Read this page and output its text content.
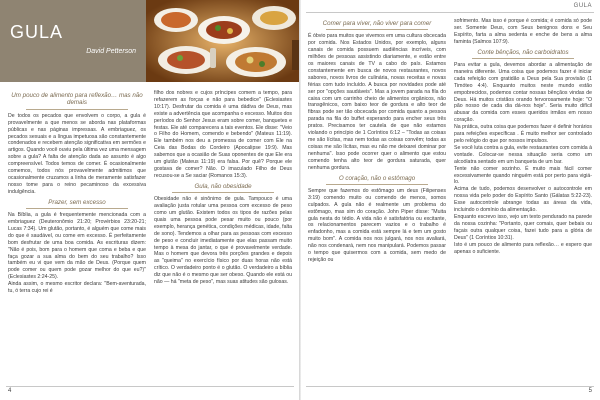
GULA
David Petterson
Um pouco de alimento para reflexão… mas não demais

De todos os pecados que envolvem o corpo, a gula é provavelmente a que menos se aborda nas plataformas públicas e nas páginas impressas. A embriaguez, os pecados sexuais e a língua impetuosa são constantemente condenados e recebem atenção significativa em sermões e artigos. Quando você ouviu pela última vez uma mensagem sobre a gula? A falta de atenção dada ao assunto é algo compreensível. Todos temos de comer. É ocasionalmente comemos, todos nós provavelmente admitimos que ocasionalmente cruzamos a linha de meramente satisfazer nosso tome para o reino pecaminoso da excessiva indulgência.

Prazer, sem excesso

Na Bíblia, a gula é frequentemente mencionada com a embriaguez (Deuteronômio 21:20; Provérbios 23:20-21; Lucas 7:34). Um glutão, portanto, é alguém que come mais do que é saudável, ou come em excesso. É perfeitamente bom desfrutar de uma boa comida. As escrituras dizem: "Não é pois, bom para o homem que coma e beba e que faça gozar a sua alma do bem do seu trabalho? Isso também eu vi que vem da mão de Deus. (Porque quem pode comer ou quem pode gozar melhor do que eu?)" (Eclesiastes 2:24-25).

Ainda assim, o mesmo escritor declara: "Bem-aventurada, tu, ó terra cujo rei é

filho dos nobres e cujos príncipes comem a tempo, para refazerem as forças e não para bebedice" (Eclesiastes 10:17). Desfrutar da comida é uma dádiva de Deus, mas existe a advertência que acompanha o excesso. Muitos dos períodos do Senhor Jesus eram sobre comer, banquetes e festas. Ele até comparecera a tais eventos. Ele disse: "Veio o Filho do Homem, comendo e bebendo" (Mateus 11:19). Ele também nos deu a promessa de comer com Ele na Ceia das Bodas do Cordeiro (Apocalipse 19:9). Mas sabemos que a ocasião de Suas oponentes de que Ele era um glutão (Mateus 11:19) era falsa. Por quê? Porque ele gostava de comer? Não. O imaculado Filho de Deus recusou-se a Se saciar (Romanos 15:3).

Gula, não obesidade

Obesidade não é sinônimo de gula. Tampouco é uma avaliação justa rotular uma pessoa com excesso de peso como um glutão. Existem todos os tipos de razões pelas quais uma pessoa pode pesar muito ou pouco (por exemplo, herança genética, condições médicas, idade, falta de sono). Tendemos a olhar para as pessoas com excesso de peso e concluir imediatamente que elas passam muito tempo à mesa do jantar, o que é provavelmente verdade. Mas o homem que devora três porções grandes e depois as "queima" no exercício físico por duas horas não está crítico. O verdadeiro ponto é o glutão. O verdadeiro a bíblia diz que não é o mesmo que ser obeso. Quando ele está ou não — há "meta de peso", mas suas atitudes são gulosas.

4
GULA
Comer para viver, não viver para comer

É óbvio para muitos que vivemos em uma cultura obcecada por comida. Nos Estados Unidos, por exemplo, alguns canais de comida possuem audiências incríveis, com milhões de pessoas assistindo diariamente, e estão entre os maiores canais de TV a cabo do país. Estamos constantemente em busca de novos restaurantes, novos sabores, novos livros de culinária, novas receitas e novas férias com tudo incluído. A busca por novidades pode até ser por "opções saudáveis". Mas a jovem parada na fila do caixa com um carrinho cheio de alimentos orgânicos, não transgênicos, com baixo teor de gordura e alto teor de fibras pode ser tão obcecada por comida quanto a pessoa parada na fila do buffet esperando para encher seus três pratos. Precisamos ter cautela de que não estamos violando o princípio de 1 Coríntios 6:12 – "Todas as coisas me são lícitas, mas nem todas as coisas convêm; todas as coisas me são lícitas, mas eu não me deixarei dominar por nenhuma". Isso pode ocorrer quer o alimento que estou comendo tenha alto teor de gordura saturada, quer nenhuma gordura.

O coração, não o estômago

Sempre que fazemos do estômago um deus (Filipenses 3:19) comendo muito ou comendo de menos, somos culpados. A gula não é realmente um problema do estômago, mas sim do coração. John Piper disse: "Muita gula nesta do tédio. A vida não é satisfatória ou excitante, os relacionamentos parecem vazios e o trabalho é enfadonho, mas a comida está sempre lá e tem um gosto muito bom". A comida nos nos julgará, nos nos avaliará, não nos condenará, nem nos manipulará. Podemos passar o tempo que quisermos com a comida, sem medo de rejeição ou

sofrimento. Mas isso é porque é comida; é comida só pode ser. Somente Deus, com Seus benignos dons e Seu Espírito, farta a alma sedenta e enche de bens a alma faminta (Salmos 107:9).

Conte bênçãos, não carboidratos

Para evitar a gula, devemos abordar a alimentação de maneira diferente. Uma coisa que podemos fazer é iniciar cada refeição com gratidão a Deus pela Sua provisão (1 Timóteo 4:4). Enquanto muitos neste mundo estão empobrecidos, podemos contar nossas bênçãos vindas de Deus. Há muitos cristãos orando fervorosamente hoje: "O pão nosso de cada dia dá-nos hoje". Seria muito difícil abusar da comida com esses queridos irmãos em nosso coração.

Na prática, outra coisa que podemos fazer é definir horários para refeições específicas . É muito melhor ser controlado pelo relógio do que por nossos impulsos.

Se você luta contra a gula, evite restaurantes com comida à vontade. Colocar-se nessa situação seria como um alcoólatra sentado em um banqueta de um bar.

Tente não comer sozinho. É muito mais fácil comer excessivamente quando ninguém está por perto para vigiá-lo.

Acima de tudo, podemos desenvolver o autocontrole em nossa vida pelo poder do Espírito Santo (Gálatas 5:22-23). Esse autocontrole abrange todas as áreas da vida, incluindo o domínio da alimentação.

Enquanto escrevo isso, vejo um texto pendurado na parede da nossa cozinha: "Portanto, quer comais, quer bebais ou façais outra qualquer coisa, fazei tudo para a glória de Deus" (1 Coríntios 10:31).

Isto é um pouco de alimento para reflexão… e espero que apenas o suficiente.

5
